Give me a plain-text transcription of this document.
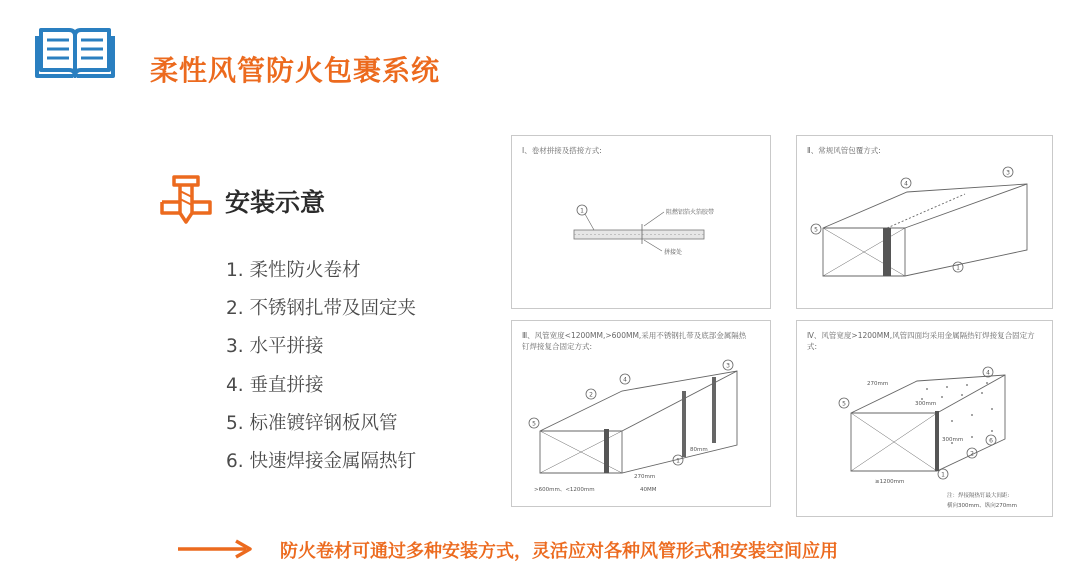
柔性风管防火包裹系统
安装示意
1. 柔性防火卷材
2. 不锈钢扎带及固定夹
3. 水平拼接
4. 垂直拼接
5. 标准镀锌钢板风管
6. 快速焊接金属隔热钉
Ⅰ、卷材拼接及搭接方式:
1	阻燃铝箔火箔胶带
拼接处
Ⅱ、常规风管包覆方式:
3
4
5
1
Ⅲ、风管宽度<1200MM,>600MM,采用不锈钢扎带及底部金属隔热钉焊接复合固定方式:
3
4
2
5
1
80mm
270mm
40MM
>600mm、<1200mm
Ⅳ、风管宽度>1200MM,风管四面均采用金属隔热钉焊接复合固定方式:
270mm
300mm
300mm
4
5
6
2
1
≥1200mm
注：焊接隔热钉最大间距:
横向300mm、纵向270mm
防火卷材可通过多种安装方式，灵活应对各种风管形式和安装空间应用
